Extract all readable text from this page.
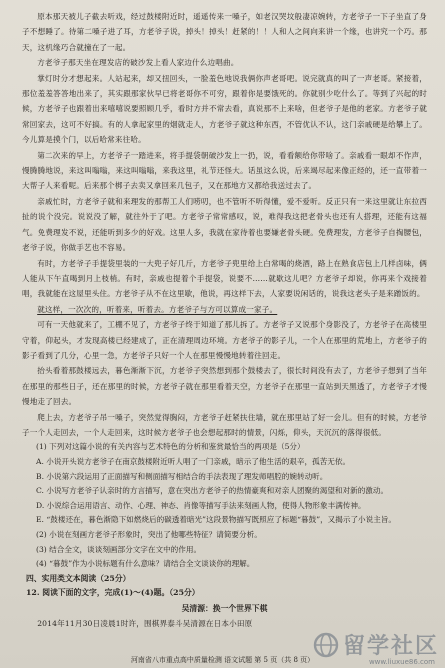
原本那天被儿子截去听戏，经过鼓楼附近时，遥遥传来一嗓子，如老汉哭坟般凄凉婉转，方老爷子一下子坐直了身子不想睡了。待第二嗓子进了耳，方老爷子说，掉头！掉头！赶紧的！！人和人之间向来讲一个缘，也讲究一个巧。那天，这机缘巧合就撞在了一起。

方老爷子那天坐在理发店的破沙发上看人家边什么边唱曲。

掌灯时分才想起来。人站起来，却又扭回头，一脸羞色地说我俩你声老哥吧。说完就真的叫了一声老哥。紧接着，那位羞羞答答地出来了，其实跟那家伙早已将老哥你不可穷，跟着你是要饿死的。你就别少吃什么了。等到了兴起的时候，方老爷子也跟着出来嘻嘻说要照顾几乎，看时方并不常去看，真说那不上来啥，但老爷子是他的老家。方老爷子就常回家去，这可不好搞。有的人拿起家里的烟就走人，方老爷子就这种东西，不管优认不认，这门亲戚硬是给攀上了。今儿算是摸个门，以后哈常来往哈。

第二次来的早上，方老爷子一踏进来，将手提袋朝破沙发上一扔，说，看看额给你带啥了。亲戚看一眼却不作声，慢腾腾地说，来这叫嗡嗡，来这叫嗡嗡，来我这里，礼节还怪大。话虽这么说，后来竭尽起来像正经的，还一直带着一大帮子人来看呢。后来那个梆子去卖又拿回来几包子，又在那地方又都给我送过去了。

亲戚忙时，方老爷子就和来理发的那帮工人们唠叨，也不管听不听得懂，爱不爱听。反正只有一来这里就让东拉西扯的说个没完。说说没了解，就往外于了吧。方老爷子常常感叹，说，难得我这把老骨头也还有人搭理，还能有这福气。免费理发不说，还能听到多少的好戏。这里人多，我就在家待着也要嫌老骨头硬。免费理发，方老爷子自掏腰包，老爷子说，你做手艺也不容易。

有时，方老爷子手提袋里装的一大兜子好几斤，方老爷子兜里给上白常喝的烧酒，路上在熟食店包上几样卤味，俩人能从下午直喝到月上枝梢。有时，亲戚也提着个手提袋，说要不……就歇这儿吧？方老爷子却说，你再来个戏接着唱，我就能在这屋里头住。方老爷子从不在这里歇，他说，再这样下去，人家要说闲话的，说我这老头子是来蹭饭的。

就这样，一次次的，听着来，听着去。方老爷子与方可以算成一家子。

可有一天他就来了，工棚不见了，方老爷子终于知道了那儿拆了。方老爷子又说那个身影没了，方老爷子在高楼里守着，仰起头，才发现高楼已经建成了，正在清理周边环境。方老爷子的影子儿，一个人在那里的荒地上，方老爷子的影子看到了几分，心里一急，方老爷子只好一个人在那里慢慢地转着往回走。

抬头看着那鼓楼远去，暮色渐渐下沉，方老爷子突然想到那个鼓楼去了，很长时间没有去了，方老爷子想到了当年在那里的那些日子，还在那里的时候，方老爷子就在那里看着天空，方老爷子在那里一直站到天黑透了，方老爷子才慢慢地走了回去。

爬上去，方老爷子吊一嗓子，突然觉得胸闷，方老爷子赶紧扶住墙，就在那里站了好一会儿。但有的时候，方老爷子一个人走回去，一个人走回来，这时候方老爷子也会想起那时的情景，闪烁，仰头，天沉沉的落得很低。

(1) 下列对这篇小说的有关内容与艺术特色的分析和鉴赏最恰当的两项是（5分）

A. 小说开头说方老爷子在南京鼓楼附近听人唱了一门亲戚，暗示了他生活的艰辛，孤苦无依。

B. 小说第六段运用了正面描写和侧面描写相结合的手法表现了理发师唱腔的婉转动听。

C. 小说写方老爷子认亲时的方言描写，意在突出方老爷子的热情豪爽和对亲人团聚的渴望和对新的激动。

D. 小说综合运用语言、动作、心理、神态、肖像等描写手法来刻画人物，使得人物形象丰满传神。

E. “鼓楼还在，暮色渐隐下如燃烧后的碳透着暗光”这段景物描写既照应了标题“暮鼓”，又揭示了小说主旨。

(2) 小说在刻画方老爷子形象时，突出了他哪些特征？请简要分析。

(3) 结合全文，谈谈刻画部分文字在文中的作用。

(4) “暮鼓”作为小说标题有什么意味？请结合全文谈谈你的理解。

四、实用类文本阅读（25分）

12. 阅读下面的文字，完成(1)～(4)题。（25分）

吴清源：换一个世界下棋

2014年11月30日凌晨1时许，围棋界泰斗吴清源在日本小田原

河南省八市重点高中质量检测 语文试题 第 5 页（共 8 页）
留学社区
www.liuxue86.com
